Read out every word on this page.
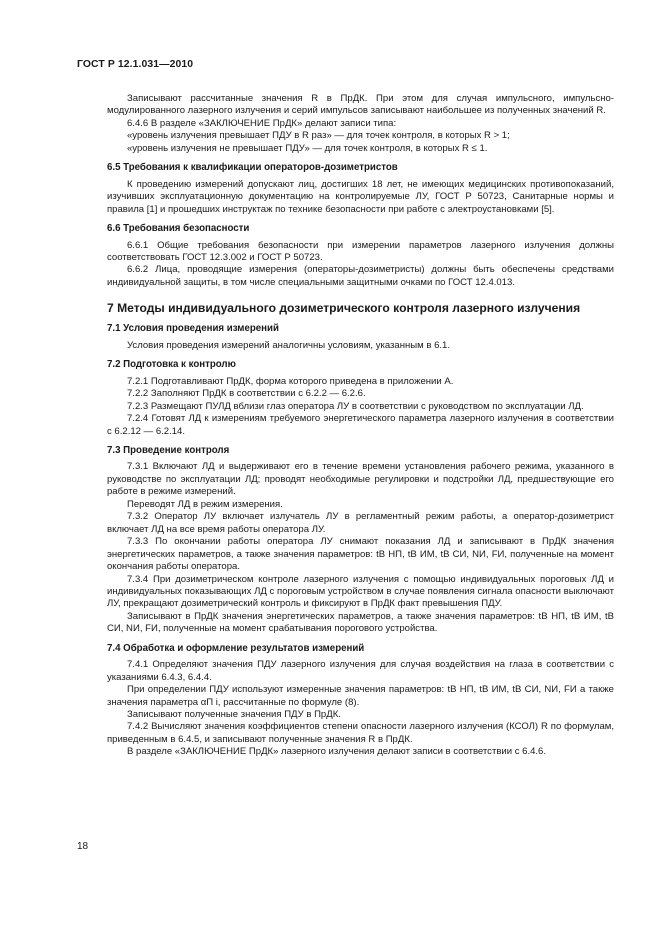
ГОСТ Р 12.1.031—2010

Записывают рассчитанные значения R в ПрДК. При этом для случая импульсного, импульсно-модулированного лазерного излучения и серий импульсов записывают наибольшее из полученных значений R.

6.4.6 В разделе «ЗАКЛЮЧЕНИЕ ПрДК» делают записи типа:

«уровень излучения превышает ПДУ в R раз» — для точек контроля, в которых R > 1;

«уровень излучения не превышает ПДУ» — для точек контроля, в которых R ≤ 1.

6.5 Требования к квалификации операторов-дозиметристов

К проведению измерений допускают лиц, достигших 18 лет, не имеющих медицинских противопоказаний, изучивших эксплуатационную документацию на контролируемые ЛУ, ГОСТ Р 50723, Санитарные нормы и правила [1] и прошедших инструктаж по технике безопасности при работе с электроустановками [5].

6.6 Требования безопасности

6.6.1 Общие требования безопасности при измерении параметров лазерного излучения должны соответствовать ГОСТ 12.3.002 и ГОСТ Р 50723.

6.6.2 Лица, проводящие измерения (операторы-дозиметристы) должны быть обеспечены средствами индивидуальной защиты, в том числе специальными защитными очками по ГОСТ 12.4.013.

7 Методы индивидуального дозиметрического контроля лазерного излучения
7.1 Условия проведения измерений

Условия проведения измерений аналогичны условиям, указанным в 6.1.

7.2 Подготовка к контролю

7.2.1 Подготавливают ПрДК, форма которого приведена в приложении А.

7.2.2 Заполняют ПрДК в соответствии с 6.2.2 — 6.2.6.

7.2.3 Размещают ПУЛД вблизи глаз оператора ЛУ в соответствии с руководством по эксплуатации ЛД.

7.2.4 Готовят ЛД к измерениям требуемого энергетического параметра лазерного излучения в соответствии с 6.2.12 — 6.2.14.

7.3 Проведение контроля

7.3.1 Включают ЛД и выдерживают его в течение времени установления рабочего режима, указанного в руководстве по эксплуатации ЛД; проводят необходимые регулировки и подстройки ЛД, предшествующие его работе в режиме измерений.

Переводят ЛД в режим измерения.

7.3.2 Оператор ЛУ включает излучатель ЛУ в регламентный режим работы, а оператор-дозиметрист включает ЛД на все время работы оператора ЛУ.

7.3.3 По окончании работы оператора ЛУ снимают показания ЛД и записывают в ПрДК значения энергетических параметров, а также значения параметров: tВ НП, tВ ИМ, tВ СИ, NИ, FИ, полученные на момент окончания работы оператора.

7.3.4 При дозиметрическом контроле лазерного излучения с помощью индивидуальных пороговых ЛД и индивидуальных показывающих ЛД с пороговым устройством в случае появления сигнала опасности выключают ЛУ, прекращают дозиметрический контроль и фиксируют в ПрДК факт превышения ПДУ.

Записывают в ПрДК значения энергетических параметров, а также значения параметров: tВ НП, tВ ИМ, tВ СИ, NИ, FИ, полученные на момент срабатывания порогового устройства.

7.4 Обработка и оформление результатов измерений

7.4.1 Определяют значения ПДУ лазерного излучения для случая воздействия на глаза в соответствии с указаниями 6.4.3, 6.4.4.

При определении ПДУ используют измеренные значения параметров: tВ НП, tВ ИМ, tВ СИ, NИ, FИ а также значения параметра αП i, рассчитанные по формуле (8).

Записывают полученные значения ПДУ в ПрДК.

7.4.2 Вычисляют значения коэффициентов степени опасности лазерного излучения (КСОЛ) R по формулам, приведенным в 6.4.5, и записывают полученные значения R в ПрДК.

В разделе «ЗАКЛЮЧЕНИЕ ПрДК» лазерного излучения делают записи в соответствии с 6.4.6.

18
